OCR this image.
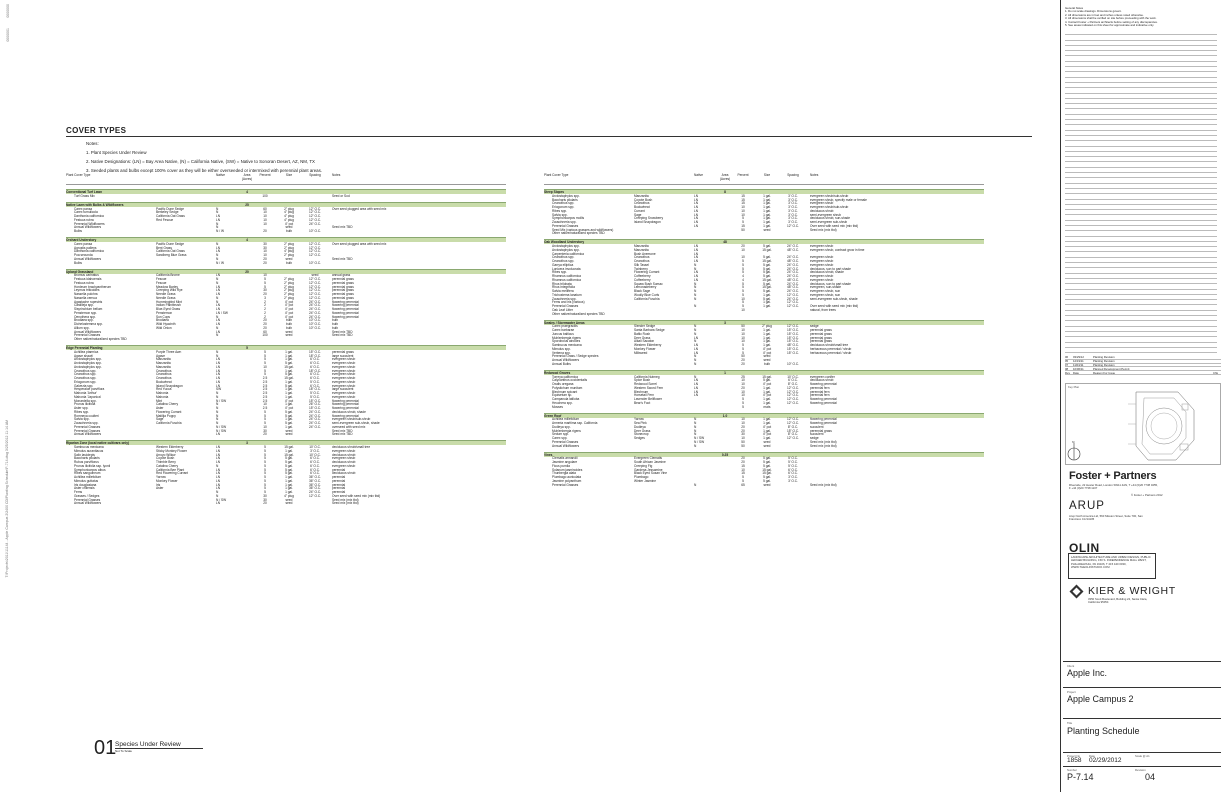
T:\Projects\2011\11144 - Apple Campus 2\2400 CD\Planting Schedule\P-714.dwg 3/25/2012 11:14 AM
0000000
0000001
COVER TYPES
Notes:
1. Plant Species Under Review
2. Native Designations: (LN) = Bay Area Native, (N) = California Native, (SW) = Native to Sonoran Desert, AZ, NM, TX
3. Seeded plants and bulbs except 100% cover as they will be either overseeded or intermixed with perennial plant areas.
Plant Cover Type	Native	Area (Acres)
Percent	Size	Spacing	Notes
Conventional Turf Lawn	4
Turf Grass Mix	100	Seed or Sod
Native Lawn with Bulbs & Wildflowers	25
Carex pansa	Pacific Dune Sedge	N	60	2" plug	12" O.C.	Over seed plugged area with seed mix
Carex tumulicola	Berkeley Sedge	N	10	4" plug	12" O.C.
Danthonia californica	California Oat Grass	LN	10	4" plug	12" O.C.
Festuca rubra	Red Fescue	LN	10	4" plug	12" O.C.
Perennial Wildflowers	N	10	4" pot	24" O.C.
Annual Wildflowers	N	seed	Seed mix TBD
Bulbs	N / W	20	bulb	10" O.C.
Orchard Understory	4
Carex pansa	Pacific Dune Sedge	N	30	2" plug	12" O.C.	Over seed plugged area with seed mix
Agrostis pallens	Bent Grass	LN	30	2" plug	12" O.C.
Danthonia californica	California Oat Grass	LN	10	4" plug	12" O.C.
Poa secunda	Sandberg Blue Grass	N	10	2" plug	12" O.C.
Annual Wildflowers	N	20	seed	Seed mix TBD
Bulbs	N / W	20	bulb	10" O.C.
Upland Grassland	20
Bromus carinatus	California Brome	LN	10	seed	annual grass
Festuca idahoensis	Fescue	N	5	2" plug	12" O.C.	perennial grass
Festuca rubra	Fescue	N	5	2" plug	12" O.C.	perennial grass
Hordeum brachyantherum	Meadow Barley	LN	5	2" plug	12" O.C.	perennial grass
Leymus triticoides	Creeping Wild Rye	LN	30	2" plug	12" O.C.	perennial grass
Nassella pulchra	Needle Grass	LN	20	2" plug	12" O.C.	perennial grass
Nassella cernua	Needle Grass	N	3	2" plug	12" O.C.	perennial grass
Agastache rupestris	Hummingbird Mint	N	2	4" pot	24" O.C.	flowering perennial
Castilleja spp.	Indian Paintbrush	LN	2	4" pot	24" O.C.	flowering perennial
Sisyrinchium bellum	Blue-Eyed Grass	LN	2	4" pot	24" O.C.	flowering perennial
Penstemon spp.	Penstemon	LN / SW	2	4" pot	24" O.C.	flowering perennial
Oenothera spp.	Sun Cups	N	2	4" pot	24" O.C.	flowering perennial
Brodiaea spp.	Brodiaea	LN	20	bulb	10" O.C.	bulb
Dichelostemma spp.	Wild Hyacinth	LN	20	bulb	10" O.C.	bulb
Allium spp.	Wild Onion	N	20	bulb	10" O.C.	bulb
Annual Wildflowers	LN	60	seed	Seed mix TBD
Perennial Grasses	N	100	seed	Seed mix TBD
Other native/naturalized species TBD
Edge Perennial Planting	5
Achillea ptarmica	Purple Three Awn	N	5	1 gal.	15" O.C.	perennial grass
Agave shawii	Agave	N	5	1 gal.	18" O.C.	large succulent
Arctostaphylos spp.	Manzanita	LN	5	1 gal.	6' O.C.	evergreen shrub
Arctostaphylos spp.	Manzanita	LN	5	5 gal.	6' O.C.	evergreen shrub
Arctostaphylos spp.	Manzanita	LN	10	15 gal.	6' O.C.	evergreen shrub
Ceanothus spp.	Ceanothus	LN	5	1 gal.	18" O.C.	evergreen shrub
Ceanothus spp.	Ceanothus	LN	5	5 gal.	6' O.C.	evergreen shrub
Ceanothus spp.	Ceanothus	LN	2.5	15 gal.	6' O.C.	evergreen shrub
Eriogonum spp.	Buckwheat	LN	2.5	1 gal.	5' O.C.	evergreen shrub
Galvezia spp.	Island Snapdragon	LN	2.5	5 gal.	6' O.C.	evergreen shrub
Hesperaloe parviflora	Red Yucca	SW	2.5	1 gal.	18" O.C.	large succulent
Mahonia 'Arthur'	Mahonia	N	2.5	1 gal.	5' O.C.	evergreen shrub
Mahonia 'Japonica'	Mahonia	N	2.5	1 gal.	5' O.C.	evergreen shrub
Monardella spp.	Mint	N / SW	2.5	4" pot	15" O.C.	flowering perennial
Prunus ilicifolia	Catalina Cherry	N	10	1 gal.	26" O.C.	flowering perennial
Aster spp.	Aster	N	2.5	4" pot	15" O.C.	flowering perennial
Ribes spp.	Flowering Currant	N	5	5 gal.	24" O.C.	deciduous shrub, shade
Romneya coulteri	Matilija Poppy	N	5	5 gal.	24" O.C.	flowering perennial
Salvia spp.	Sage	N	5	1 gal.	24" O.C.	evergreen shrub/sub-shrub
Zauschneria spp.	California Fuschia	N	5	5 gal.	24" O.C.	semi-evergreen sub-shrub, shade
Perennial Grasses	N / SW	10	1 gal.	24" O.C.	overseed with seed mix
Perennial Grasses	N / SW	30	seed	Seed mix TBD
Annual Wildflowers	LN	20	seed	Seed mix TBD
Riparian Zone (local native cultivars only)	3
Sambucus mexicana	Western Elderberry	LN	5	15 gal.	10' O.C.	deciduous shrub/small tree
Mimulus aurantiacus	Sticky Monkey Flower	LN	5	1 gal.	3' O.C.	evergreen shrub
Salix lasiolepis	Arroyo Willow	LN	5	15 gal.	10' O.C.	deciduous shrub
Baccharis pilularis	Coyote Bush	LN	5	5 gal.	6' O.C.	evergreen shrub
Rubus parviflorus	Thimble Berry	LN	5	5 gal.	6' O.C.	deciduous shrub
Prunus ilicifolia ssp. lyonii	Catalina Cherry	N	5	5 gal.	6' O.C.	evergreen shrub
Symphoricarpos albus	California Bee Plant	LN	5	5 gal.	6' O.C.	perennial
Ribes sanguineum	Red Flowering Currant	LN	5	5 gal.	6' O.C.	deciduous shrub
Achillea millefolium	Yarrow	LN	5	1 gal.	36" O.C.	perennial
Mimulus guttatus	Monkey Flower	LN	5	1 gal.	36" O.C.	perennial
Iris douglasiana	Iris	LN	5	1 gal.	36" O.C.	perennial
Aster chilensis	Aster	LN	5	1 gal.	36" O.C.	perennial
Ferns	N	5	1 gal.	24" O.C.	perennial
Grasses / Sedges	N	30	4" plug	12" O.C.	Over seed with seed mix (mix tbd)
Perennial Grasses	N / SW	30	seed	Seed mix (mix tbd)
Annual Wildflowers	LN	20	seed	Seed mix (mix tbd)
Plant Cover Type	Native	Area (Acres)
Percent	Size	Spacing	Notes
Steep Slopes	8
Arctostaphylos spp.	Manzanita	LN	15	1 gal.	3' O.C.	evergreen shrub/sub-shrub
Baccharis pilularis	Coyote Bush	LN	15	1 gal.	3' O.C.	evergreen shrub, specify male or female
Ceanothus spp.	Ceanothus	LN	15	1 gal.	3' O.C.	evergreen shrub
Eriogonum spp.	Buckwheat	LN	10	1 gal.	3' O.C.	evergreen shrub/sub-shrub
Ribes spp.	Currant	LN	10	1 gal.	3' O.C.	deciduous shrub
Salvia spp.	Sage	LN	10	1 gal.	3' O.C.	semi-evergreen shrub
Symphoricarpos mollis	Creeping Snowberry	LN	5	1 gal.	3' O.C.	deciduous shrub, sun-shade
Zauschneria spp.	Island Snapdragon	LN	5	1 gal.	3' O.C.	semi-evergreen sub-shrub
Perennial Grasses	LN	15	1 gal.	12" O.C.	Over seed with seed mix (mix tbd)
Seed Mix (various grasses and wildflowers)	50	seed	Seed mix (mix tbd)
Other native/naturalized species TBD
Oak Woodland Understory	48
Arctostaphylos spp.	Manzanita	LN	20	5 gal.	24" O.C.	evergreen shrub
Arctostaphylos spp.	Manzanita	LN	10	15 gal.	48" O.C.	evergreen shrub, contract grow in time
Carpenteria californica	Bush Anemone	LN
Ceanothus spp.	Ceanothus	LN	10	5 gal.	24" O.C.	evergreen shrub
Ceanothus spp.	Ceanothus	LN	5	15 gal.	48" O.C.	evergreen shrub
Garrya elliptica	Silk Tassel	N	5	5 gal.	24" O.C.	evergreen shrub
Lonicera involucrata	Twinberry	N	5	5 gal.	24" O.C.	deciduous, sun to part shade
Ribes spp.	Flowering Currant	LN	5	5 gal.	24" O.C.	deciduous shrub, shade
Rhamnus californica	Coffeeberry	LN	4	5 gal.	24" O.C.	evergreen shrub
Rhamnus californica	Coffeeberry	LN	4	15 gal.	48" O.C.	evergreen shrub
Rhus trilobata	Squaw Bush Sumac	N	5	5 gal.	24" O.C.	deciduous, sun to part shade
Rhus integrifolia	Lemonadeberry	N	5	15 gal.	48" O.C.	evergreen, sun-shade
Salvia mellifera	Black Sage	N	5	5 gal.	24" O.C.	evergreen shrub, sun
Trichostema lanatum	Woolly Blue Curls	N	5	1 gal.	12" O.C.	evergreen shrub, sun
Zauschneria spp.	California Fuschia	N	10	5 gal.	24" O.C.	semi-evergreen sub-shrub, shade
Ferns and iris (various)	5	1 gal.	12" O.C.
Perennial Grasses	N	5	1 gal.	12" O.C.	Over seed with seed mix (mix tbd)
Oak Leaf Litter	10	natural, from trees
Other native/naturalized species TBD
Swales / Stormwater Areas	3
Carex praegracilis	Slender Sedge	N	50	2" plug	12" O.C.	sedge
Carex barbarae	Santa Barbara Sedge	N	10	1 gal.	15" O.C.	perennial grass
Juncus balticus	Baltic Rush	N	10	1 gal.	15" O.C.	perennial grass
Muhlenbergia rigens	Deer Grass	LN	10	1 gal.	15" O.C.	perennial grass
Sporobolus airoides	Alkali Sacaton	N	10	1 gal.	15" O.C.	perennial grass
Sambucus mexicana	Western Elderberry	LN	5	1 gal.	48" O.C.	deciduous shrub/small tree
Mimulus spp.	Monkey Flower	LN	5	4" pot	15" O.C.	herbaceous perennial / shrub
Verbena spp.	Milkweed	LN	5	4" pot	15" O.C.	herbaceous perennial / shrub
Perennial Grass / Sedge species	N	50	seed
Annual Wildflowers	N	20	seed
Annual Bulbs	N	20	bulb	10" O.C.
Redwood Groves	1
Torreya californica	California Nutmeg	N	25	15 gal.	10' O.C.	evergreen conifer
Calycanthus occidentalis	Spice Bush	LN	10	5 gal.	6' O.C.	deciduous shrub
Oxalis oregana	Redwood Sorrel	LN	10	4" pot	8" O.C.	flowering perennial
Polystichum munitum	Western Sword Fern	LN	20	1 gal.	12" O.C.	perennial fern
Blechnum spicant	Blechnum	LN	10	1 gal.	12" O.C.	perennial fern
Equisetum sp.	Horsetail Fern	LN	10	4" pot	12" O.C.	perennial fern
Campanula latiloba	Lavender Bellflower	5	1 gal.	12" O.C.	flowering perennial
Heuchera spp.	Bear's Foot	5	1 gal.	12" O.C.	flowering perennial
Mosses	5	mats
Green Roof	1.0
Achillea millefolium	Yarrow	N	10	1 gal.	12" O.C.	flowering perennial
Armeria maritima ssp. California	Sea Pink	N	10	1 gal.	12" O.C.	flowering perennial
Dudleya spp.	Dudleya	N	20	4" pot	8" O.C.	succulent
Muhlenbergia rigens	Deer Grass	N	20	1 gal.	15" O.C.	perennial grass
Sedum spp.	Stonecrop	N	30	4" pot	8" O.C.	succulent
Carex spp.	Sedges	N / SW	10	1 gal.	12" O.C.	sedge
Perennial Grasses	N / SW	50	seed	Seed mix (mix tbd)
Annual Wildflowers	N	50	seed	Seed mix (mix tbd)
Vines	0.25
Clematis armandii	Evergreen Clematis	20	5 gal.	5' O.C.
Jasmine angulare	South African Jasmine	20	5 gal.	5' O.C.
Ficus pumila	Creeping Fig	15	5 gal.	5' O.C.
Solanum jasminoides	Gardena Jessamine	10	15 gal.	6' O.C.
Thunbergia alata	Black Eyed Susan Vine	15	15 gal.	6' O.C.
Plumbago auriculata	Plumbago	5	5 gal.	3' O.C.
Jasmine polyanthum	Winter Jasmine	5	5 gal.	3' O.C.
Perennial Grasses	N	65	seed	Seed mix (mix tbd)
01
Species Under Review
Not To Scale
General Notes
1. Do not scale drawings. Dimensions govern.
2. All dimensions are in feet and inches unless noted otherwise.
3. All dimensions shall be verified on site before proceeding with the work.
4. Contact Foster + Partners architects before setting of any discrepancies.
5. See areas indicated on this sheet for approximate and indicative only.
06	03/29/12	Planting Revision
05	12/19/11	Planting Revision
07	11/04/11	Planting Revision
08	10/06/11	Planned Development Permit
Rev	Date	Reason For Issue	Chk
Key Plan
N
Foster + Partners
Riverside, 22 Hester Road, London SW11 4AN, T +44 (0)20 7738 0455, F +44 (0)20 7738 1107
© Foster + Partners 2012
ARUP
Arup North America Ltd, 560 Mission Street, Suite 700, San Francisco CA 94105
OLIN
LANDSCAPE ARCHITECTURE AND URBAN DESIGN, PUBLIC LEDGER BUILDING, 150 S. INDEPENDENCE MALL WEST, PHILADELPHIA, PA 19106, T 215 440 0030, WWW.THEOLINSTUDIO.COM
KIER & WRIGHT
3350 Scott Boulevard, Building 22, Santa Clara, California 95054
Client
Apple Inc.
Project
Apple Campus 2
Title
Planting Schedule
Project No	Date	Scale @ A1
1858 02/29/2012
Number	Revision
P-7.14	04
